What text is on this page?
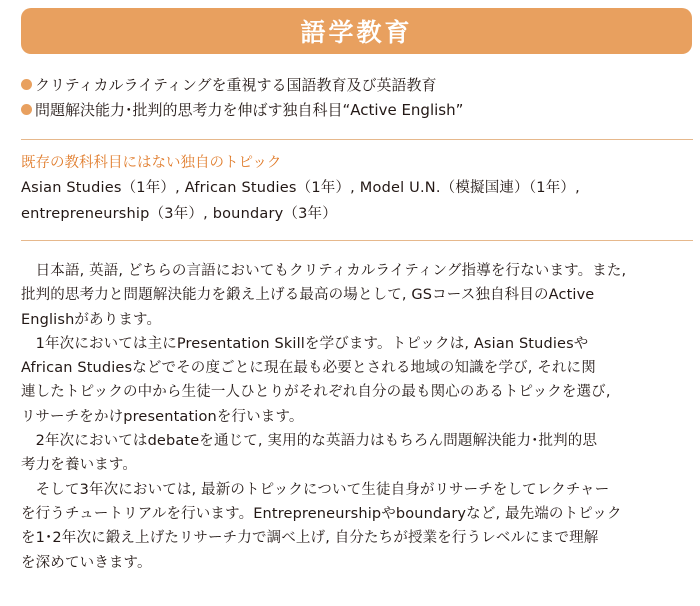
語学教育
クリティカルライティングを重視する国語教育及び英語教育
問題解決能力･批判的思考力を伸ばす独自科目“Active English”
既存の教科科目にはない独自のトピック
Asian Studies（1年）, African Studies（1年）, Model U.N.（模擬国連）（1年）,
entrepreneurship（3年）, boundary（3年）
　日本語, 英語, どちらの言語においてもクリティカルライティング指導を行ないます。また,
批判的思考力と問題解決能力を鍛え上げる最高の場として, GSコース独自科目のActive
Englishがあります。
　1年次においては主にPresentation Skillを学びます。トピックは, Asian Studiesや
African Studiesなどでその度ごとに現在最も必要とされる地域の知識を学び, それに関
連したトピックの中から生徒一人ひとりがそれぞれ自分の最も関心のあるトピックを選び,
リサーチをかけpresentationを行います。
　2年次においてはdebateを通じて, 実用的な英語力はもちろん問題解決能力･批判的思
考力を養います。
　そして3年次においては, 最新のトピックについて生徒自身がリサーチをしてレクチャー
を行うチュートリアルを行います。Entrepreneurshipやboundaryなど, 最先端のトピック
を1･2年次に鍛え上げたリサーチ力で調べ上げ, 自分たちが授業を行うレベルにまで理解
を深めていきます。
